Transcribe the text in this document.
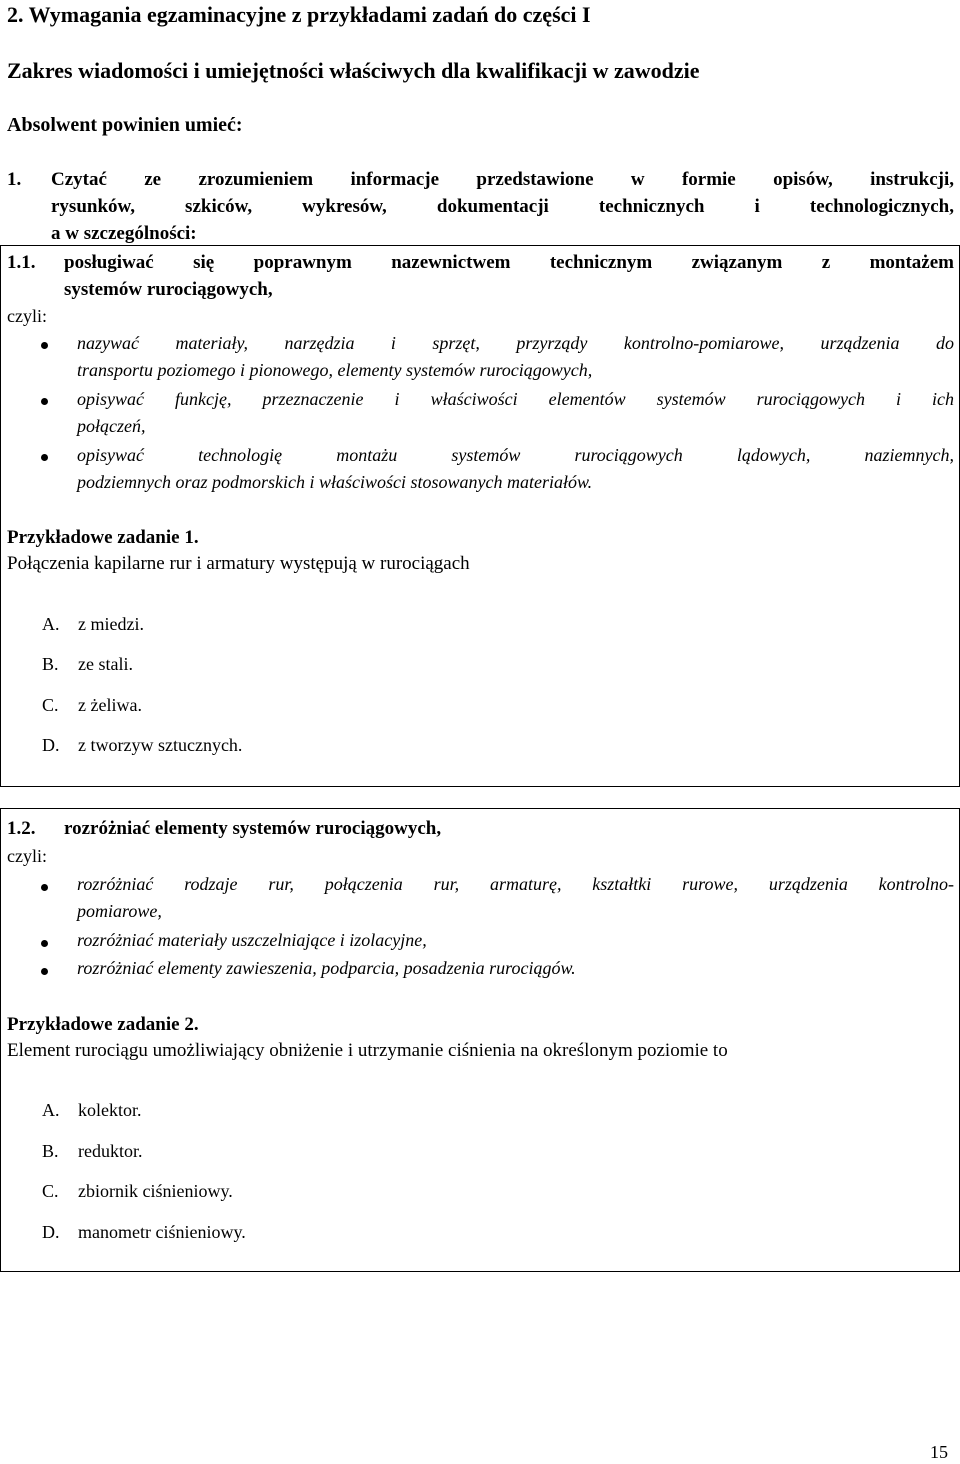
2. Wymagania egzaminacyjne z przykładami zadań do części I
Zakres wiadomości i umiejętności właściwych dla kwalifikacji w zawodzie
Absolwent powinien umieć:
1. Czytać ze zrozumieniem informacje przedstawione w formie opisów, instrukcji,
rysunków, szkiców, wykresów, dokumentacji technicznych i technologicznych,
a w szczególności:
1.1. posługiwać się poprawnym nazewnictwem technicznym związanym z montażem
systemów rurociągowych,
czyli:
nazywać materiały, narzędzia i sprzęt, przyrządy kontrolno-pomiarowe, urządzenia do
transportu poziomego i pionowego, elementy systemów rurociągowych,
opisywać funkcję, przeznaczenie i właściwości elementów systemów rurociągowych i ich
połączeń,
opisywać technologię montażu systemów rurociągowych lądowych, naziemnych,
podziemnych oraz podmorskich i właściwości stosowanych materiałów.
Przykładowe zadanie 1.
Połączenia kapilarne rur i armatury występują w rurociągach
A. z miedzi.
B. ze stali.
C. z żeliwa.
D. z tworzyw sztucznych.
1.2. rozróżniać elementy systemów rurociągowych,
czyli:
rozróżniać rodzaje rur, połączenia rur, armaturę, kształtki rurowe, urządzenia kontrolno-
pomiarowe,
rozróżniać materiały uszczelniające i izolacyjne,
rozróżniać elementy zawieszenia, podparcia, posadzenia rurociągów.
Przykładowe zadanie 2.
Element rurociągu umożliwiający obniżenie i utrzymanie ciśnienia na określonym poziomie to
A. kolektor.
B. reduktor.
C. zbiornik ciśnieniowy.
D. manometr ciśnieniowy.
15
